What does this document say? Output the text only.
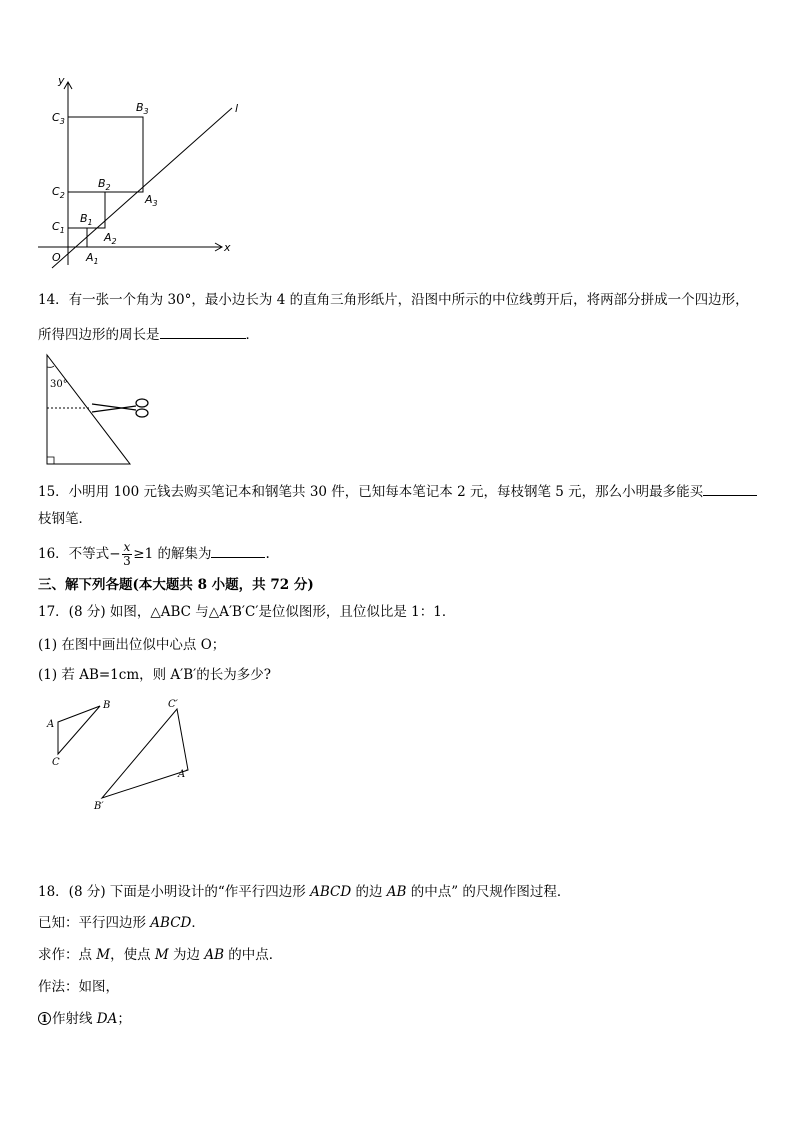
y
x
l
O
$C_3$
$B_3$
$C_2$
$B_2$
$A_3$
$C_1$
$B_1$
$A_2$
$A_1$
14．有一张一个角为 30°，最小边长为 4 的直角三角形纸片，沿图中所示的中位线剪开后，将两部分拼成一个四边形，
所得四边形的周长是	．
30°
15．小明用 100 元钱去购买笔记本和钢笔共 30 件，已知每本笔记本 2 元，每枝钢笔 5 元，那么小明最多能买
枝钢笔．
16．不等式− $\frac{x}{3} \ge 1$ 的解集为	.
三、解下列各题(本大题共 8 小题，共 72 分)
17．(8 分) 如图，△ABC 与△A′B′C′是位似图形，且位似比是 1：1．
(1) 在图中画出位似中心点 O；
(1) 若 AB=1cm，则 A′B′的长为多少?
A
B
C
C′
A′
B′
18．(8 分) 下面是小明设计的“作平行四边形 ABCD 的边 AB 的中点” 的尺规作图过程．
已知：平行四边形 ABCD．
求作：点 M，使点 M 为边 AB 的中点．
作法：如图，
1 作射线 DA；
